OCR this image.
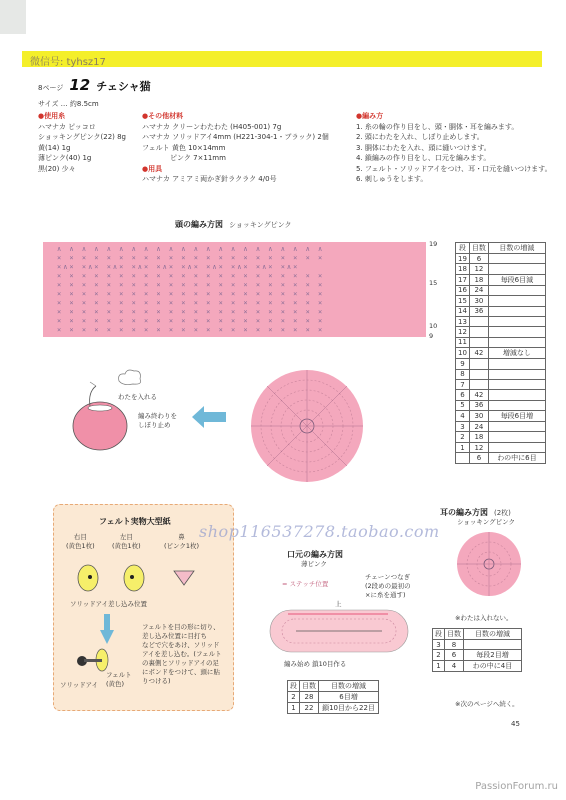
微信号: tyhsz17
8ページ 12 チェシャ猫
サイズ … 約8.5cm
●使用糸
ハマナカ ピッコロ
ショッキングピンク(22) 8g
黄(14) 1g
薄ピンク(40) 1g
黒(20) 少々
●その他材料
ハマナカ クリーンわたわた (H405-001) 7g
ハマナカ ソリッドアイ4mm (H221-304-1・ブラック) 2個
フェルト 黄色 10×14mm
ピンク 7×11mm
●用具
ハマナカ アミアミ両かぎ針ラクラク 4/0号
●編み方
1. 糸の輪の作り目をし、頭・胴体・耳を編みます。
2. 頭にわたを入れ、しぼり止めします。
3. 胴体にわたを入れ、頭に縫いつけます。
4. 鎖編みの作り目をし、口元を編みます。
5. フェルト・ソリッドアイをつけ、耳・口元を縫いつけます。
6. 刺しゅうをします。
頭の編み方図 ショッキングピンク
∧ ∧ ∧ ∧ ∧ ∧ ∧ ∧ ∧ ∧ ∧ ∧ ∧ ∧ ∧ ∧ ∧ ∧ ∧ ∧ ∧ ∧
× × × × × × × × × × × × × × × × × × × × × ×
×∧× ×∧× ×∧× ×∧× ×∧× ×∧× ×∧× ×∧× ×∧× ×∧×
× × × × × × × × × × × × × × × × × × × × × ×
× × × × × × × × × × × × × × × × × × × × × ×
× × × × × × × × × × × × × × × × × × × × × ×
× × × × × × × × × × × × × × × × × × × × × ×
× × × × × × × × × × × × × × × × × × × × × ×
× × × × × × × × × × × × × × × × × × × × × ×
× × × × × × × × × × × × × × × × × × × × × ×
19
15
10
9
わたを入れる
編み終わりを
しぼり止め
段	目数	目数の増減
19	6	
18	12	
17	18	毎段6目減
16	24	
15	30	
14	36	
13		
12		
11		
10	42	増減なし
9		
8		
7		
6	42	
5	36	
4	30	毎段6目増
3	24	
2	18	
1	12	
	6	わの中に6目
フェルト実物大型紙
右目
(黄色1枚)
左目
(黄色1枚)
鼻
(ピンク1枚)
ソリッドアイ差し込み位置
フェルトを目の形に切り、
差し込み位置に目打ち
などで穴をあけ、ソリッド
アイを差し込む。(フェルト
の裏側とソリッドアイの足
にボンドをつけて、頭に貼
りつける)
フェルト
(黄色)
ソリッドアイ
shop116537278.taobao.com
口元の編み方図
薄ピンク
= ステッチ位置
チェーンつなぎ
(2段めの最初の
×に糸を通す)
上
編み始め 鎖10目作る
段	目数	目数の増減
2	28	6目増
1	22	鎖10目から22目
耳の編み方図 (2枚)
ショッキングピンク
※わたは入れない。
段	目数	目数の増減
3	8	
2	6	毎段2目増
1	4	わの中に4目
※次のページへ続く。
45
PassionForum.ru
